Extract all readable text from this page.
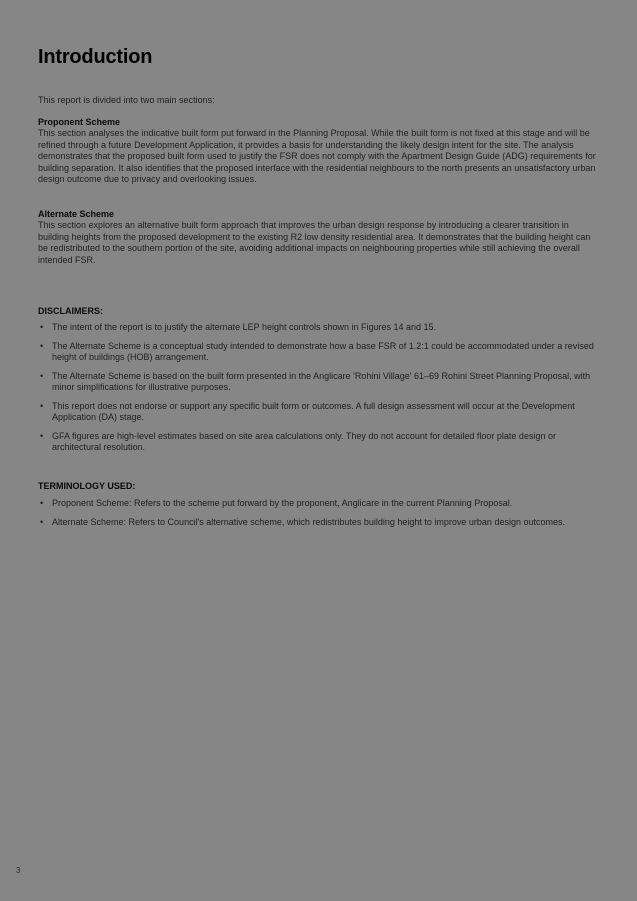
Introduction
This report is divided into two main sections:
Proponent Scheme
This section analyses the indicative built form put forward in the Planning Proposal. While the built form is not fixed at this stage and will be refined through a future Development Application, it provides a basis for understanding the likely design intent for the site. The analysis demonstrates that the proposed built form used to justify the FSR does not comply with the Apartment Design Guide (ADG) requirements for building separation. It also identifies that the proposed interface with the residential neighbours to the north presents an unsatisfactory urban design outcome due to privacy and overlooking issues.
Alternate Scheme
This section explores an alternative built form approach that improves the urban design response by introducing a clearer transition in building heights from the proposed development to the existing R2 low density residential area. It demonstrates that the building height can be redistributed to the southern portion of the site, avoiding additional impacts on neighbouring properties while still achieving the overall intended FSR.
DISCLAIMERS:
• The intent of the report is to justify the alternate LEP height controls shown in Figures 14 and 15.
• The Alternate Scheme is a conceptual study intended to demonstrate how a base FSR of 1.2:1 could be accommodated under a revised height of buildings (HOB) arrangement.
• The Alternate Scheme is based on the built form presented in the Anglicare 'Rohini Village' 61–69 Rohini Street Planning Proposal, with minor simplifications for illustrative purposes.
• This report does not endorse or support any specific built form or outcomes. A full design assessment will occur at the Development Application (DA) stage.
• GFA figures are high-level estimates based on site area calculations only. They do not account for detailed floor plate design or architectural resolution.
TERMINOLOGY USED:
• Proponent Scheme: Refers to the scheme put forward by the proponent, Anglicare in the current Planning Proposal.
• Alternate Scheme: Refers to Council's alternative scheme, which redistributes building height to improve urban design outcomes.
3
